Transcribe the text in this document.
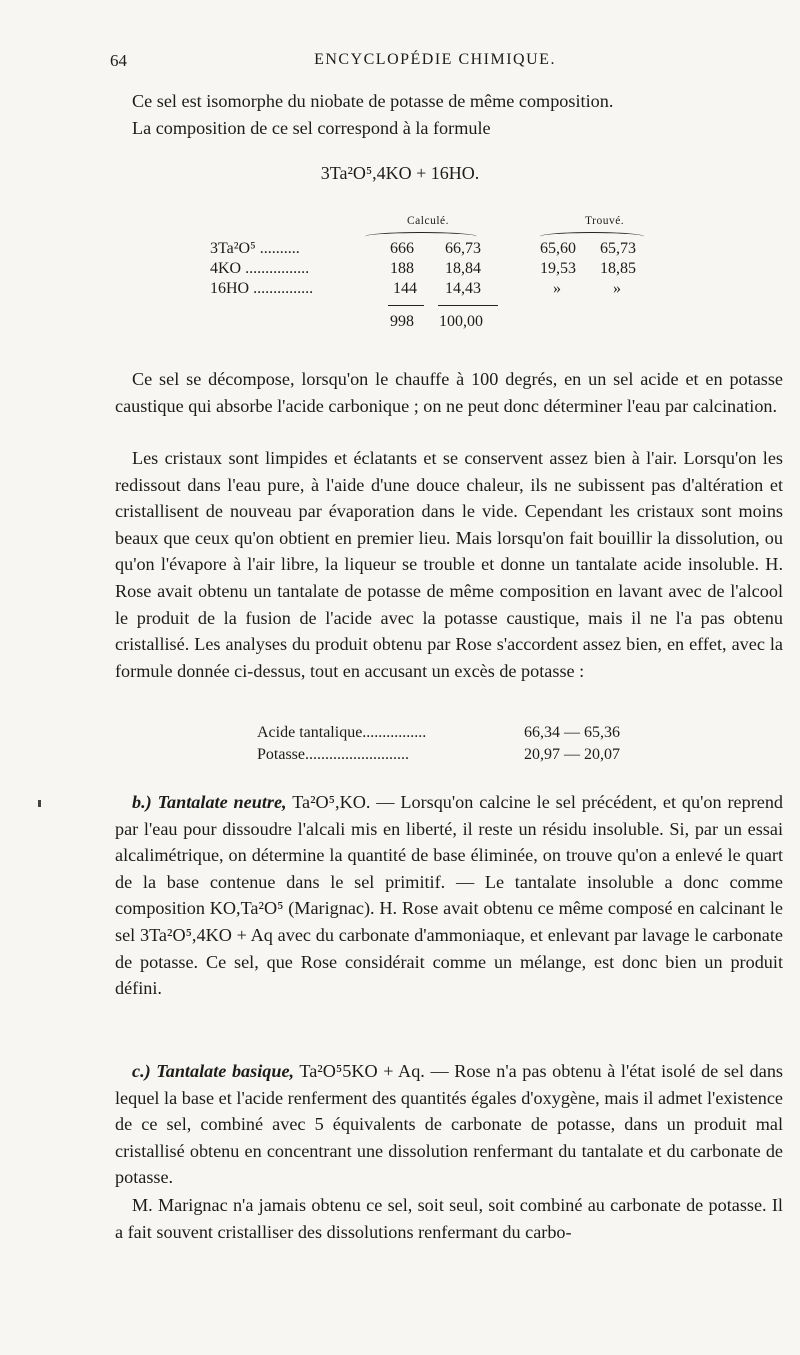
64	ENCYCLOPÉDIE CHIMIQUE.

Ce sel est isomorphe du niobate de potasse de même composition.

La composition de ce sel correspond à la formule

3Ta²O⁵,4KO + 16HO.
Calculé.	Trouvé.
3Ta²O⁵ ..........	666 66,73	65,60 65,73
4KO ................	188 18,84	19,53 18,85
16HO ...............	144 14,43	»	»
998 100,00

Ce sel se décompose, lorsqu'on le chauffe à 100 degrés, en un sel acide et en potasse caustique qui absorbe l'acide carbonique ; on ne peut donc déterminer l'eau par calcination.

Les cristaux sont limpides et éclatants et se conservent assez bien à l'air. Lorsqu'on les redissout dans l'eau pure, à l'aide d'une douce chaleur, ils ne subissent pas d'altération et cristallisent de nouveau par évaporation dans le vide. Cependant les cristaux sont moins beaux que ceux qu'on obtient en premier lieu. Mais lorsqu'on fait bouillir la dissolution, ou qu'on l'évapore à l'air libre, la liqueur se trouble et donne un tantalate acide insoluble. H. Rose avait obtenu un tantalate de potasse de même composition en lavant avec de l'alcool le produit de la fusion de l'acide avec la potasse caustique, mais il ne l'a pas obtenu cristallisé. Les analyses du produit obtenu par Rose s'accordent assez bien, en effet, avec la formule donnée ci-dessus, tout en accusant un excès de potasse :

Acide tantalique................	66,34 — 65,36
Potasse..........................	20,97 — 20,07

b.) Tantalate neutre, Ta²O⁵,KO. — Lorsqu'on calcine le sel précédent, et qu'on reprend par l'eau pour dissoudre l'alcali mis en liberté, il reste un résidu insoluble. Si, par un essai alcalimétrique, on détermine la quantité de base éliminée, on trouve qu'on a enlevé le quart de la base contenue dans le sel primitif. — Le tantalate insoluble a donc comme composition KO,Ta²O⁵ (Marignac). H. Rose avait obtenu ce même composé en calcinant le sel 3Ta²O⁵,4KO + Aq avec du carbonate d'ammoniaque, et enlevant par lavage le carbonate de potasse. Ce sel, que Rose considérait comme un mélange, est donc bien un produit défini.

c.) Tantalate basique, Ta²O⁵5KO + Aq. — Rose n'a pas obtenu à l'état isolé de sel dans lequel la base et l'acide renferment des quantités égales d'oxygène, mais il admet l'existence de ce sel, combiné avec 5 équivalents de carbonate de potasse, dans un produit mal cristallisé obtenu en concentrant une dissolution renfermant du tantalate et du carbonate de potasse.

M. Marignac n'a jamais obtenu ce sel, soit seul, soit combiné au carbonate de potasse. Il a fait souvent cristalliser des dissolutions renfermant du carbo-
